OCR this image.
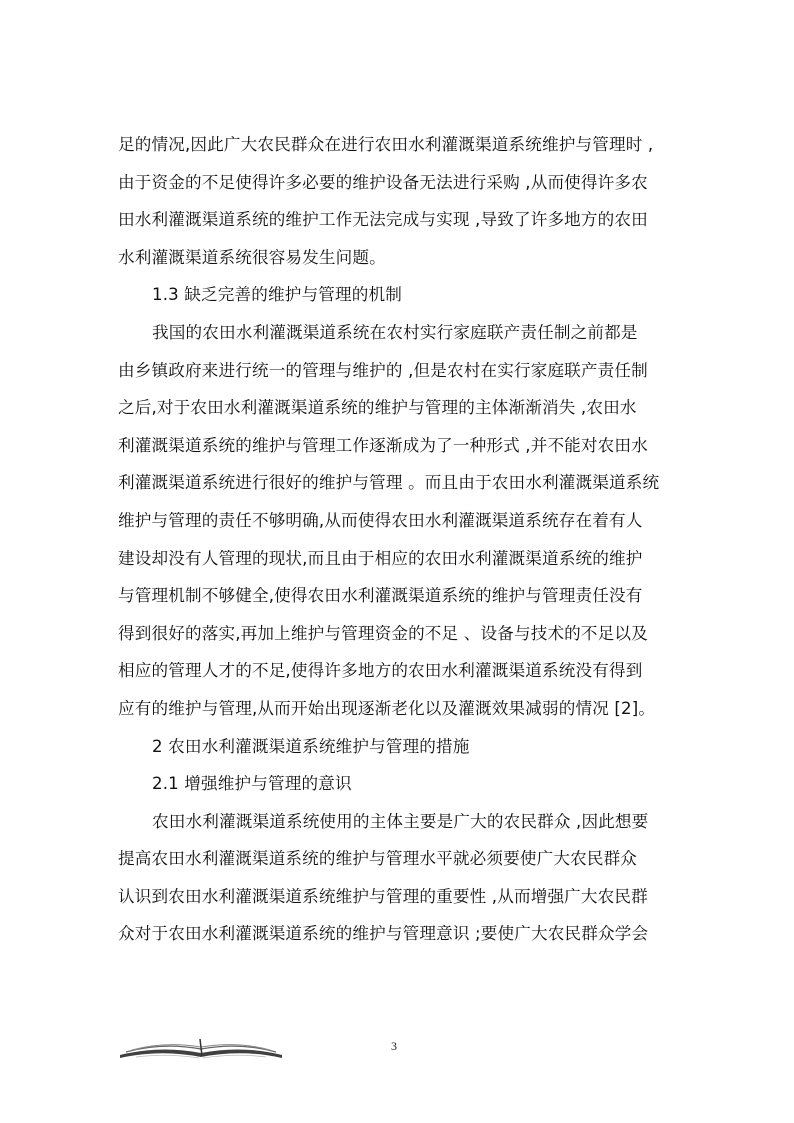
足的情况,因此广大农民群众在进行农田水利灌溉渠道系统维护与管理时 ,
由于资金的不足使得许多必要的维护设备无法进行采购 ,从而使得许多农
田水利灌溉渠道系统的维护工作无法完成与实现 ,导致了许多地方的农田
水利灌溉渠道系统很容易发生问题。
1.3 缺乏完善的维护与管理的机制
我国的农田水利灌溉渠道系统在农村实行家庭联产责任制之前都是
由乡镇政府来进行统一的管理与维护的 ,但是农村在实行家庭联产责任制
之后,对于农田水利灌溉渠道系统的维护与管理的主体渐渐消失 ,农田水
利灌溉渠道系统的维护与管理工作逐渐成为了一种形式 ,并不能对农田水
利灌溉渠道系统进行很好的维护与管理 。而且由于农田水利灌溉渠道系统
维护与管理的责任不够明确,从而使得农田水利灌溉渠道系统存在着有人
建设却没有人管理的现状,而且由于相应的农田水利灌溉渠道系统的维护
与管理机制不够健全,使得农田水利灌溉渠道系统的维护与管理责任没有
得到很好的落实,再加上维护与管理资金的不足 、设备与技术的不足以及
相应的管理人才的不足,使得许多地方的农田水利灌溉渠道系统没有得到
应有的维护与管理,从而开始出现逐渐老化以及灌溉效果减弱的情况 [2]。
2 农田水利灌溉渠道系统维护与管理的措施
2.1 增强维护与管理的意识
农田水利灌溉渠道系统使用的主体主要是广大的农民群众 ,因此想要
提高农田水利灌溉渠道系统的维护与管理水平就必须要使广大农民群众
认识到农田水利灌溉渠道系统维护与管理的重要性 ,从而增强广大农民群
众对于农田水利灌溉渠道系统的维护与管理意识 ;要使广大农民群众学会
3
